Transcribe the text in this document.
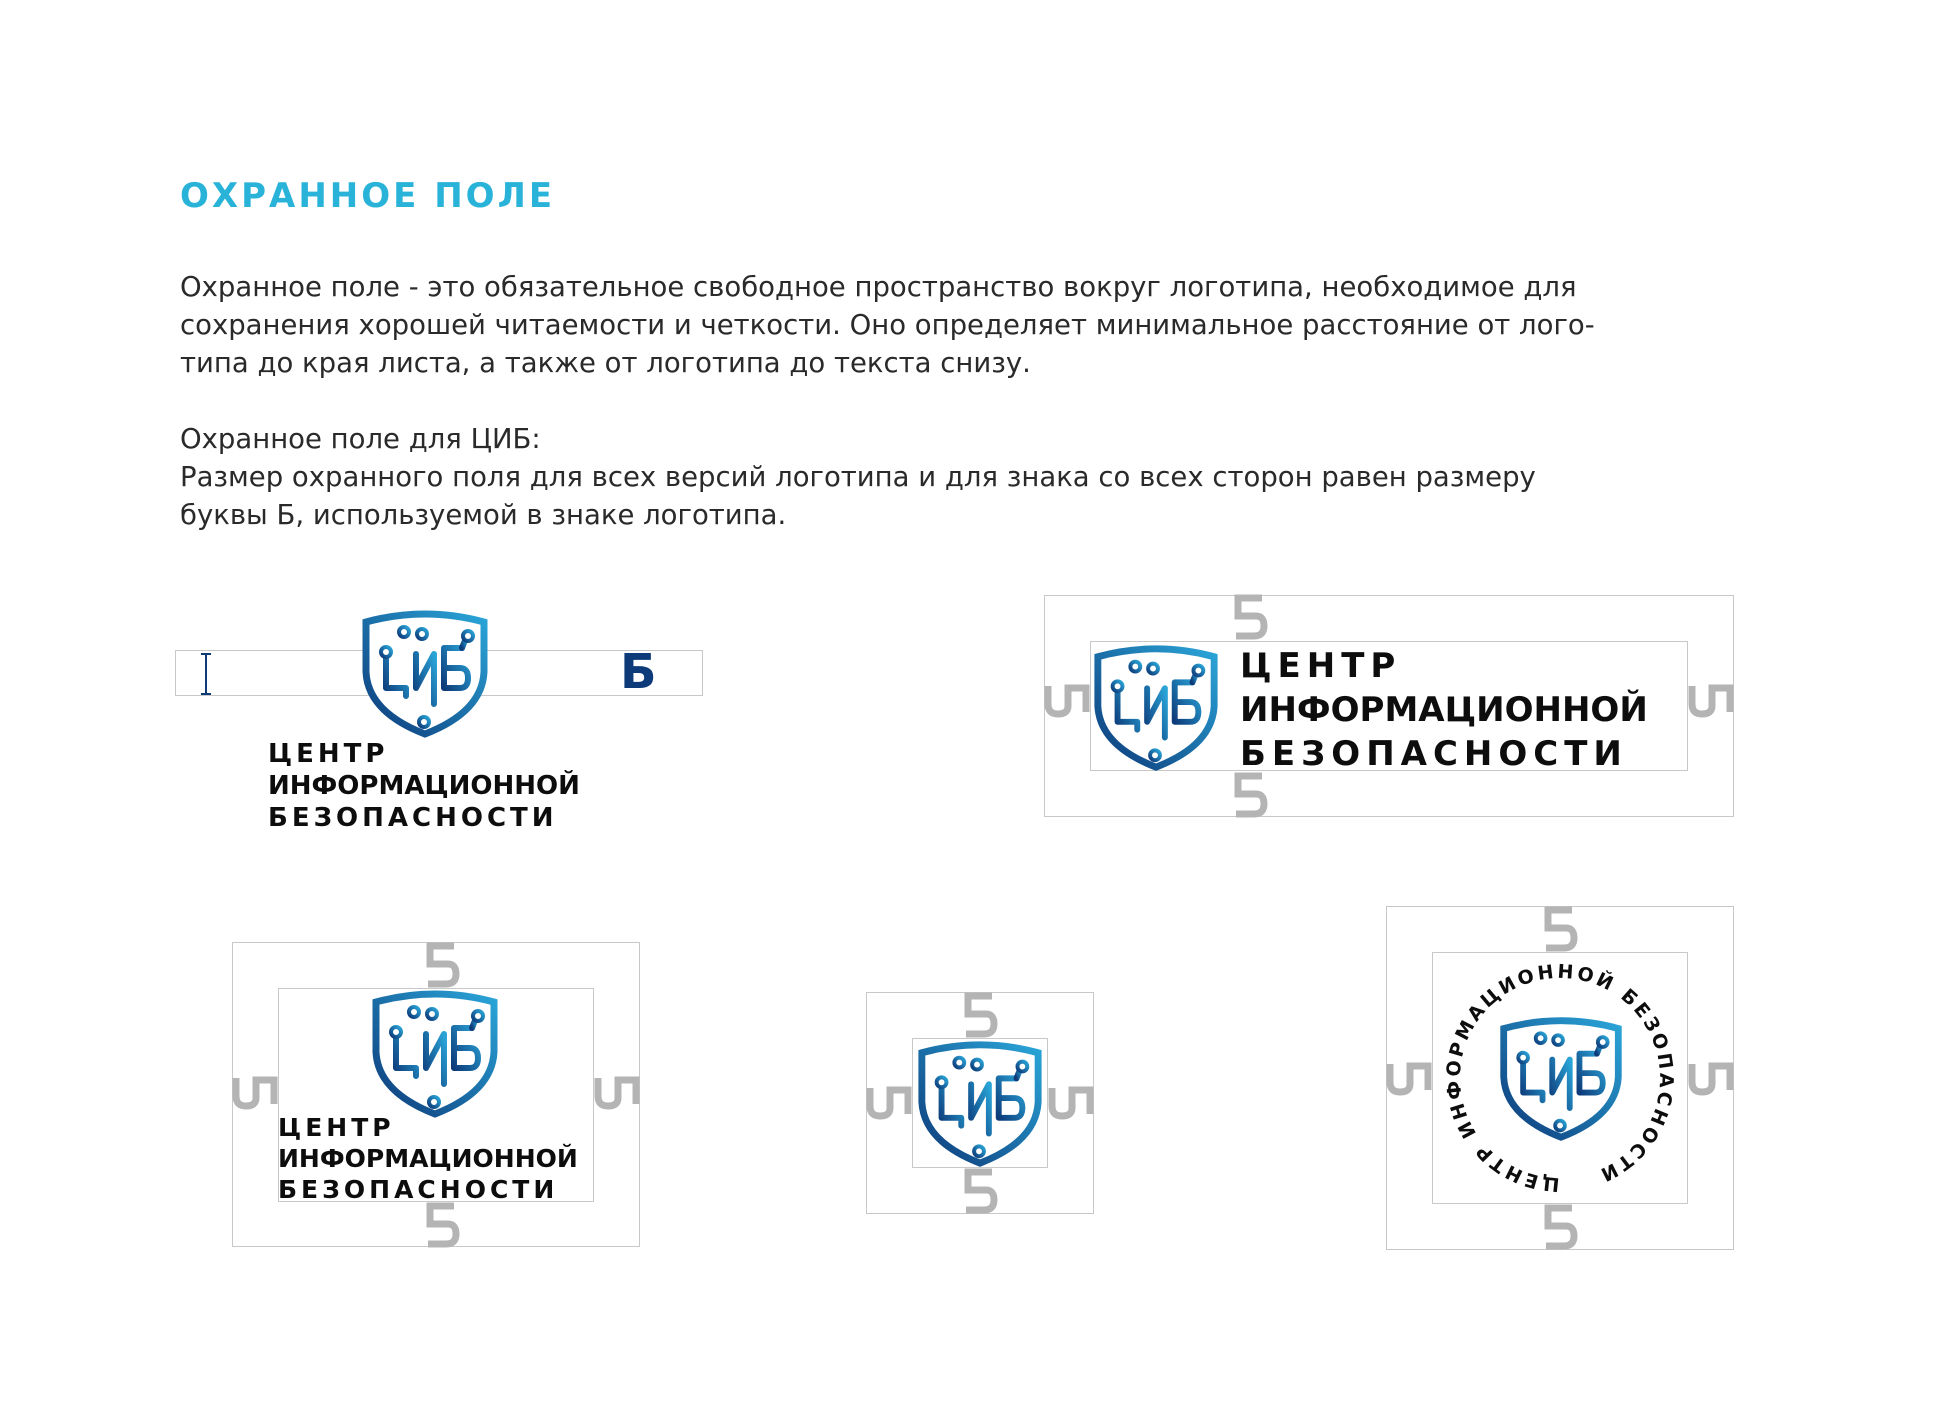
ОХРАННОЕ ПОЛЕ
Охранное поле - это обязательное свободное пространство вокруг логотипа, необходимое для
сохранения хорошей читаемости и четкости. Оно определяет минимальное расстояние от лого-
типа до края листа, а также от логотипа до текста снизу.
Охранное поле для ЦИБ:
Размер охранного поля для всех версий логотипа и для знака со всех сторон равен размеру
буквы Б, используемой в знаке логотипа.
Б
ЦЕНТР
ИНФОРМАЦИОННОЙ
БЕЗОПАСНОСТИ
ЦЕНТР
ИНФОРМАЦИОННОЙ
БЕЗОПАСНОСТИ
ЦЕНТР
ИНФОРМАЦИОННОЙ
БЕЗОПАСНОСТИ	ЦЕНТР ИНФОРМАЦИОННОЙ БЕЗОПАСНОСТИ
